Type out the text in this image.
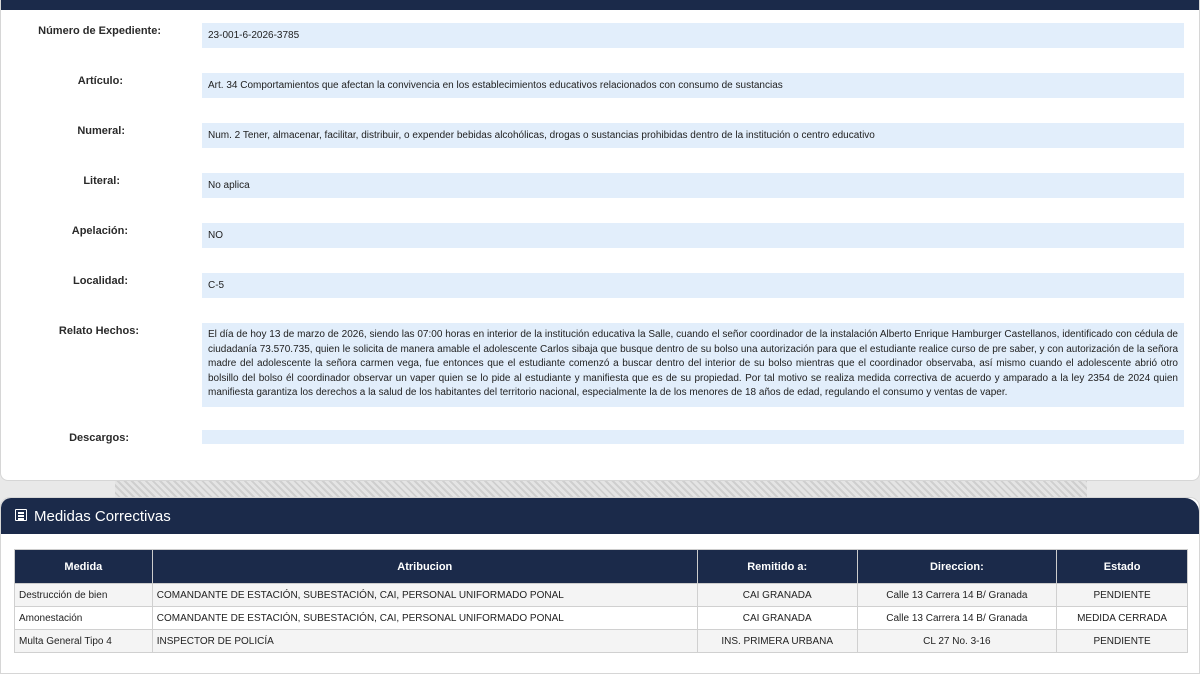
Número de Expediente:	23-001-6-2026-3785
Artículo:	Art. 34 Comportamientos que afectan la convivencia en los establecimientos educativos relacionados con consumo de sustancias
Numeral:	Num. 2 Tener, almacenar, facilitar, distribuir, o expender bebidas alcohólicas, drogas o sustancias prohibidas dentro de la institución o centro educativo
Literal:	No aplica
Apelación:	NO
Localidad:	C-5
Relato Hechos:	El día de hoy 13 de marzo de 2026, siendo las 07:00 horas en interior de la institución educativa la Salle, cuando el señor coordinador de la instalación Alberto Enrique Hamburger Castellanos, identificado con cédula de ciudadanía 73.570.735, quien le solicita de manera amable el adolescente Carlos sibaja que busque dentro de su bolso una autorización para que el estudiante realice curso de pre saber, y con autorización de la señora madre del adolescente la señora carmen vega, fue entonces que el estudiante comenzó a buscar dentro del interior de su bolso mientras que el coordinador observaba, así mismo cuando el adolescente abrió otro bolsillo del bolso él coordinador observar un vaper quien se lo pide al estudiante y manifiesta que es de su propiedad. Por tal motivo se realiza medida correctiva de acuerdo y amparado a la ley 2354 de 2024 quien manifiesta garantiza los derechos a la salud de los habitantes del territorio nacional, especialmente la de los menores de 18 años de edad, regulando el consumo y ventas de vaper.
Descargos:
Medidas Correctivas
Medida	Atribucion	Remitido a:	Direccion:	Estado
Destrucción de bien	COMANDANTE DE ESTACIÓN, SUBESTACIÓN, CAI, PERSONAL UNIFORMADO PONAL	CAI GRANADA	Calle 13 Carrera 14 B/ Granada	PENDIENTE
Amonestación	COMANDANTE DE ESTACIÓN, SUBESTACIÓN, CAI, PERSONAL UNIFORMADO PONAL	CAI GRANADA	Calle 13 Carrera 14 B/ Granada	MEDIDA CERRADA
Multa General Tipo 4	INSPECTOR DE POLICÍA	INS. PRIMERA URBANA	CL 27 No. 3-16	PENDIENTE
